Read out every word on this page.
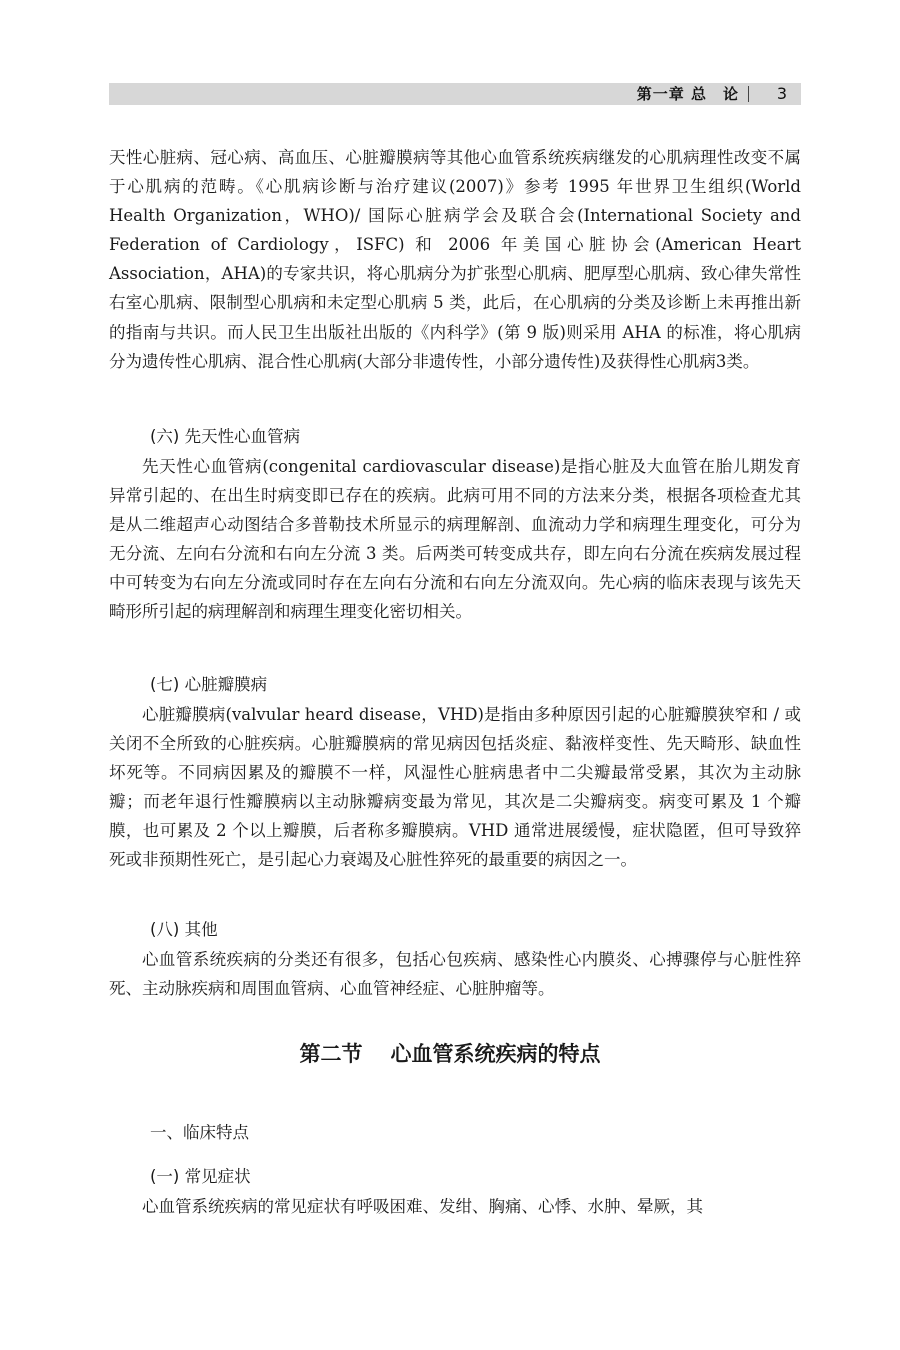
第一章 总　论 3

天性心脏病、冠心病、高血压、心脏瓣膜病等其他心血管系统疾病继发的心肌病理性改变不属于心肌病的范畴。《心肌病诊断与治疗建议(2007)》参考 1995 年世界卫生组织(World Health Organization，WHO)/ 国际心脏病学会及联合会(International Society and Federation of Cardiology，ISFC) 和 2006 年美国心脏协会(American Heart Association，AHA)的专家共识，将心肌病分为扩张型心肌病、肥厚型心肌病、致心律失常性右室心肌病、限制型心肌病和未定型心肌病 5 类，此后，在心肌病的分类及诊断上未再推出新的指南与共识。而人民卫生出版社出版的《内科学》(第 9 版)则采用 AHA 的标准，将心肌病分为遗传性心肌病、混合性心肌病(大部分非遗传性，小部分遗传性)及获得性心肌病3类。

(六) 先天性心血管病

先天性心血管病(congenital cardiovascular disease)是指心脏及大血管在胎儿期发育异常引起的、在出生时病变即已存在的疾病。此病可用不同的方法来分类，根据各项检查尤其是从二维超声心动图结合多普勒技术所显示的病理解剖、血流动力学和病理生理变化，可分为无分流、左向右分流和右向左分流 3 类。后两类可转变成共存，即左向右分流在疾病发展过程中可转变为右向左分流或同时存在左向右分流和右向左分流双向。先心病的临床表现与该先天畸形所引起的病理解剖和病理生理变化密切相关。

(七) 心脏瓣膜病

心脏瓣膜病(valvular heard disease，VHD)是指由多种原因引起的心脏瓣膜狭窄和 / 或关闭不全所致的心脏疾病。心脏瓣膜病的常见病因包括炎症、黏液样变性、先天畸形、缺血性坏死等。不同病因累及的瓣膜不一样，风湿性心脏病患者中二尖瓣最常受累，其次为主动脉瓣；而老年退行性瓣膜病以主动脉瓣病变最为常见，其次是二尖瓣病变。病变可累及 1 个瓣膜，也可累及 2 个以上瓣膜，后者称多瓣膜病。VHD 通常进展缓慢，症状隐匿，但可导致猝死或非预期性死亡，是引起心力衰竭及心脏性猝死的最重要的病因之一。

(八) 其他

心血管系统疾病的分类还有很多，包括心包疾病、感染性心内膜炎、心搏骤停与心脏性猝死、主动脉疾病和周围血管病、心血管神经症、心脏肿瘤等。

第二节 心血管系统疾病的特点

一、临床特点

(一) 常见症状

心血管系统疾病的常见症状有呼吸困难、发绀、胸痛、心悸、水肿、晕厥，其
